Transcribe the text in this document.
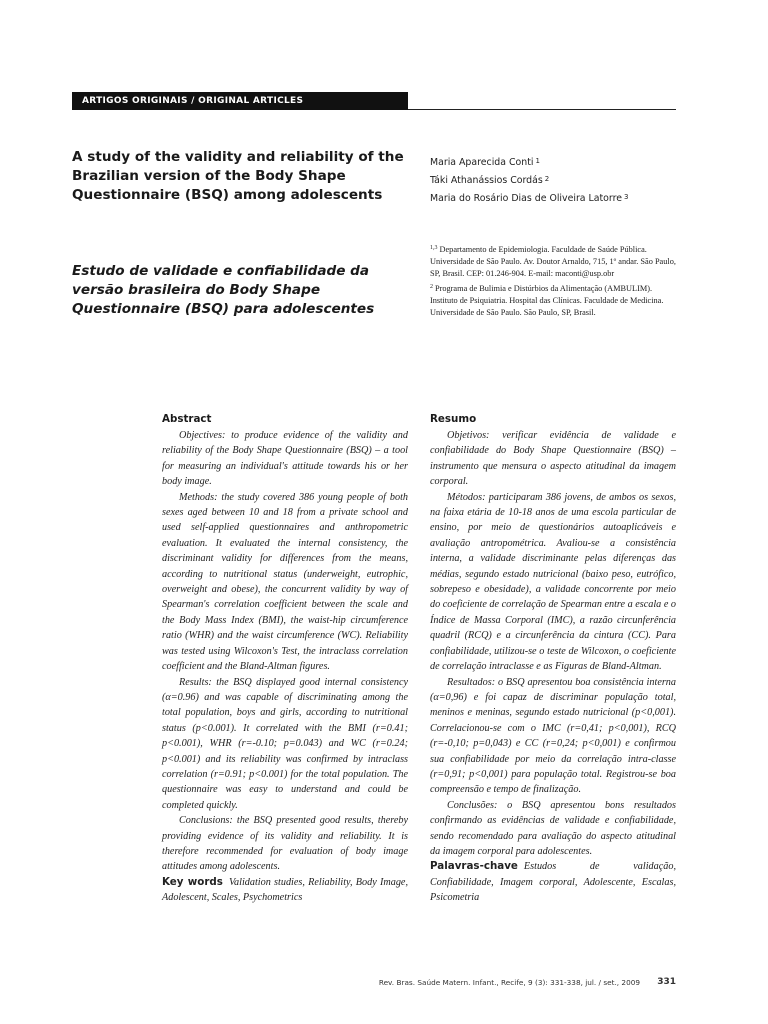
ARTIGOS ORIGINAIS / ORIGINAL ARTICLES
A study of the validity and reliability of the Brazilian version of the Body Shape Questionnaire (BSQ) among adolescents
Estudo de validade e confiabilidade da versão brasileira do Body Shape Questionnaire (BSQ) para adolescentes
Maria Aparecida Conti $^1$
Táki Athanássios Cordás $^2$
Maria do Rosário Dias de Oliveira Latorre $^3$
$^{1,3}$ Departamento de Epidemiologia. Faculdade de Saúde Pública. Universidade de São Paulo. Av. Doutor Arnaldo, 715, 1º andar. São Paulo, SP, Brasil. CEP: 01.246-904. E-mail: maconti@usp.obr
$^2$ Programa de Bulimia e Distúrbios da Alimentação (AMBULIM). Instituto de Psiquiatria. Hospital das Clínicas. Faculdade de Medicina. Universidade de São Paulo. São Paulo, SP, Brasil.
Abstract

Objectives: to produce evidence of the validity and reliability of the Body Shape Questionnaire (BSQ) – a tool for measuring an individual's attitude towards his or her body image.

Methods: the study covered 386 young people of both sexes aged between 10 and 18 from a private school and used self-applied questionnaires and anthropometric evaluation. It evaluated the internal consistency, the discriminant validity for differences from the means, according to nutritional status (underweight, eutrophic, overweight and obese), the concurrent validity by way of Spearman's correlation coefficient between the scale and the Body Mass Index (BMI), the waist-hip circumference ratio (WHR) and the waist circumference (WC). Reliability was tested using Wilcoxon's Test, the intraclass correlation coefficient and the Bland-Altman figures.

Results: the BSQ displayed good internal consistency (α=0.96) and was capable of discriminating among the total population, boys and girls, according to nutritional status (p<0.001). It correlated with the BMI (r=0.41; p<0.001), WHR (r=-0.10; p=0.043) and WC (r=0.24; p<0.001) and its reliability was confirmed by intraclass correlation (r=0.91; p<0.001) for the total population. The questionnaire was easy to understand and could be completed quickly.

Conclusions: the BSQ presented good results, thereby providing evidence of its validity and reliability. It is therefore recommended for evaluation of body image attitudes among adolescents.

Key words Validation studies, Reliability, Body Image, Adolescent, Scales, Psychometrics
Resumo

Objetivos: verificar evidência de validade e confiabilidade do Body Shape Questionnaire (BSQ) – instrumento que mensura o aspecto atitudinal da imagem corporal.

Métodos: participaram 386 jovens, de ambos os sexos, na faixa etária de 10-18 anos de uma escola particular de ensino, por meio de questionários autoaplicáveis e avaliação antropométrica. Avaliou-se a consistência interna, a validade discriminante pelas diferenças das médias, segundo estado nutricional (baixo peso, eutrófico, sobrepeso e obesidade), a validade concorrente por meio do coeficiente de correlação de Spearman entre a escala e o Índice de Massa Corporal (IMC), a razão circunferência quadril (RCQ) e a circunferência da cintura (CC). Para confiabilidade, utilizou-se o teste de Wilcoxon, o coeficiente de correlação intraclasse e as Figuras de Bland-Altman.

Resultados: o BSQ apresentou boa consistência interna (α=0,96) e foi capaz de discriminar população total, meninos e meninas, segundo estado nutricional (p<0,001). Correlacionou-se com o IMC (r=0,41; p<0,001), RCQ (r=-0,10; p=0,043) e CC (r=0,24; p<0,001) e confirmou sua confiabilidade por meio da correlação intra-classe (r=0,91; p<0,001) para população total. Registrou-se boa compreensão e tempo de finalização.

Conclusões: o BSQ apresentou bons resultados confirmando as evidências de validade e confiabilidade, sendo recomendado para avaliação do aspecto atitudinal da imagem corporal para adolescentes.

Palavras-chave Estudos de validação, Confiabilidade, Imagem corporal, Adolescente, Escalas, Psicometria
Rev. Bras. Saúde Matern. Infant., Recife, 9 (3): 331-338, jul. / set., 2009 331
